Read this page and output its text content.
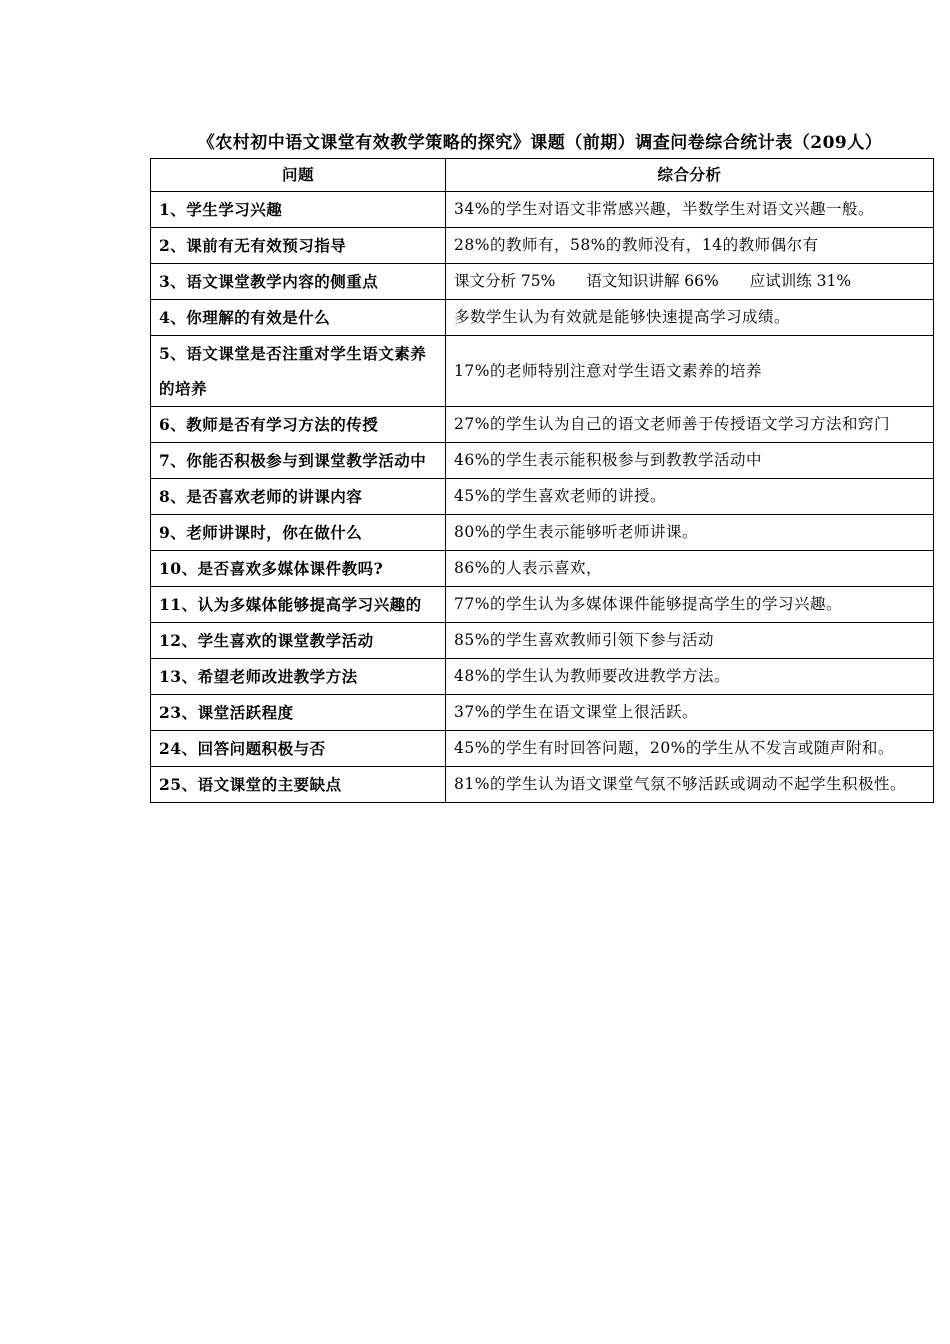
《农村初中语文课堂有效教学策略的探究》课题（前期）调查问卷综合统计表（209人）
问题	综合分析
1、学生学习兴趣	34%的学生对语文非常感兴趣，半数学生对语文兴趣一般。
2、课前有无有效预习指导	28%的教师有，58%的教师没有，14的教师偶尔有
3、语文课堂教学内容的侧重点	课文分析 75%　　语文知识讲解 66%　　应试训练 31%
4、你理解的有效是什么	多数学生认为有效就是能够快速提高学习成绩。
5、语文课堂是否注重对学生语文素养的培养	17%的老师特别注意对学生语文素养的培养
6、教师是否有学习方法的传授	27%的学生认为自己的语文老师善于传授语文学习方法和窍门
7、你能否积极参与到课堂教学活动中	46%的学生表示能积极参与到教教学活动中
8、是否喜欢老师的讲课内容	45%的学生喜欢老师的讲授。
9、老师讲课时，你在做什么	80%的学生表示能够听老师讲课。
10、是否喜欢多媒体课件教吗?	86%的人表示喜欢，
11、认为多媒体能够提高学习兴趣的	77%的学生认为多媒体课件能够提高学生的学习兴趣。
12、学生喜欢的课堂教学活动	85%的学生喜欢教师引领下参与活动
13、希望老师改进教学方法	48%的学生认为教师要改进教学方法。
23、课堂活跃程度	37%的学生在语文课堂上很活跃。
24、回答问题积极与否	45%的学生有时回答问题，20%的学生从不发言或随声附和。
25、语文课堂的主要缺点	81%的学生认为语文课堂气氛不够活跃或调动不起学生积极性。
